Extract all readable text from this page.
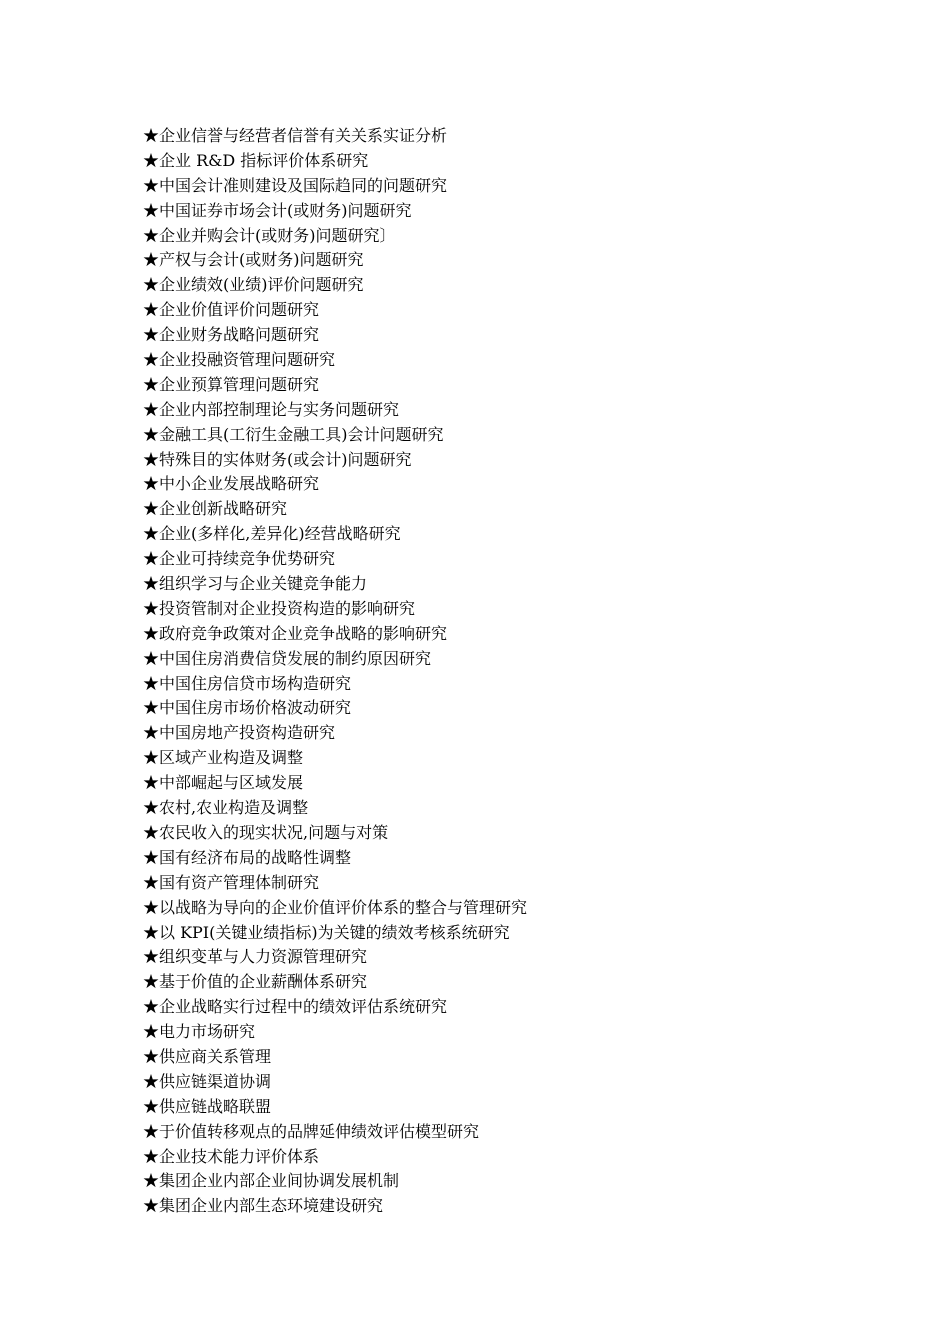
★企业信誉与经营者信誉有关关系实证分析
★企业 R&D 指标评价体系研究
★中国会计准则建设及国际趋同的问题研究
★中国证券市场会计(或财务)问题研究
★企业并购会计(或财务)问题研究〕
★产权与会计(或财务)问题研究
★企业绩效(业绩)评价问题研究
★企业价值评价问题研究
★企业财务战略问题研究
★企业投融资管理问题研究
★企业预算管理问题研究
★企业内部控制理论与实务问题研究
★金融工具(工衍生金融工具)会计问题研究
★特殊目的实体财务(或会计)问题研究
★中小企业发展战略研究
★企业创新战略研究
★企业(多样化,差异化)经营战略研究
★企业可持续竞争优势研究
★组织学习与企业关键竞争能力
★投资管制对企业投资构造的影响研究
★政府竞争政策对企业竞争战略的影响研究
★中国住房消费信贷发展的制约原因研究
★中国住房信贷市场构造研究
★中国住房市场价格波动研究
★中国房地产投资构造研究
★区域产业构造及调整
★中部崛起与区域发展
★农村,农业构造及调整
★农民收入的现实状况,问题与对策
★国有经济布局的战略性调整
★国有资产管理体制研究
★以战略为导向的企业价值评价体系的整合与管理研究
★以 KPI(关键业绩指标)为关键的绩效考核系统研究
★组织变革与人力资源管理研究
★基于价值的企业薪酬体系研究
★企业战略实行过程中的绩效评估系统研究
★电力市场研究
★供应商关系管理
★供应链渠道协调
★供应链战略联盟
★于价值转移观点的品牌延伸绩效评估模型研究
★企业技术能力评价体系
★集团企业内部企业间协调发展机制
★集团企业内部生态环境建设研究
